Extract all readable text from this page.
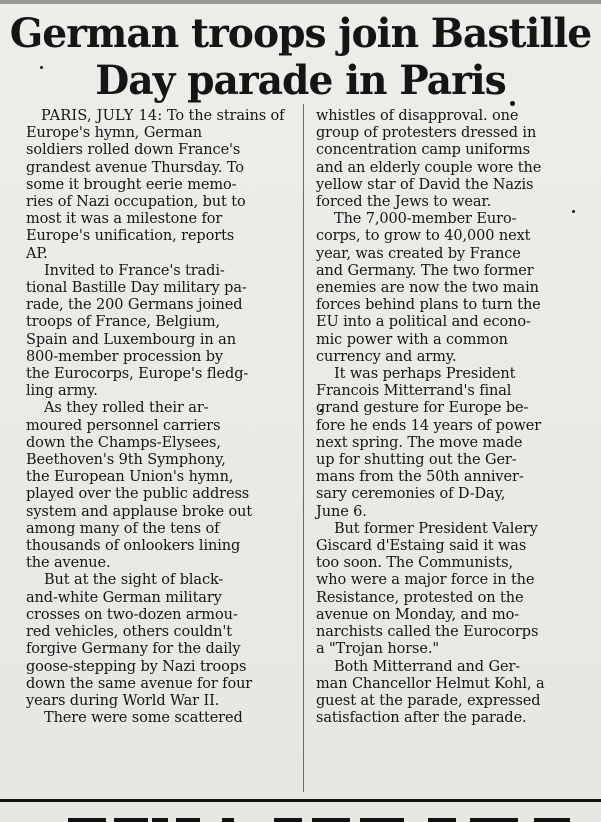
German troops join Bastille
Day parade in Paris

PARIS, JULY 14: To the strains of Europe's hymn, German
soldiers rolled down France's
grandest avenue Thursday. To
some it brought eerie memo-
ries of Nazi occupation, but to
most it was a milestone for
Europe's unification, reports
AP.

Invited to France's tradi-
tional Bastille Day military pa-
rade, the 200 Germans joined
troops of France, Belgium,
Spain and Luxembourg in an
800-member procession by
the Eurocorps, Europe's fledg-
ling army.

As they rolled their ar-
moured personnel carriers
down the Champs-Elysees,
Beethoven's 9th Symphony,
the European Union's hymn,
played over the public address
system and applause broke out
among many of the tens of
thousands of onlookers lining
the avenue.

But at the sight of black-
and-white German military
crosses on two-dozen armou-
red vehicles, others couldn't
forgive Germany for the daily
goose-stepping by Nazi troops
down the same avenue for four
years during World War II.

There were some scattered

whistles of disapproval. one
group of protesters dressed in
concentration camp uniforms
and an elderly couple wore the
yellow star of David the Nazis
forced the Jews to wear.

The 7,000-member Euro-
corps, to grow to 40,000 next
year, was created by France
and Germany. The two former
enemies are now the two main
forces behind plans to turn the
EU into a political and econo-
mic power with a common
currency and army.

It was perhaps President
Francois Mitterrand's final
grand gesture for Europe be-
fore he ends 14 years of power
next spring. The move made
up for shutting out the Ger-
mans from the 50th anniver-
sary ceremonies of D-Day,
June 6.

But former President Valery
Giscard d'Estaing said it was
too soon. The Communists,
who were a major force in the
Resistance, protested on the
avenue on Monday, and mo-
narchists called the Eurocorps
a "Trojan horse."

Both Mitterrand and Ger-
man Chancellor Helmut Kohl, a
guest at the parade, expressed
satisfaction after the parade.
